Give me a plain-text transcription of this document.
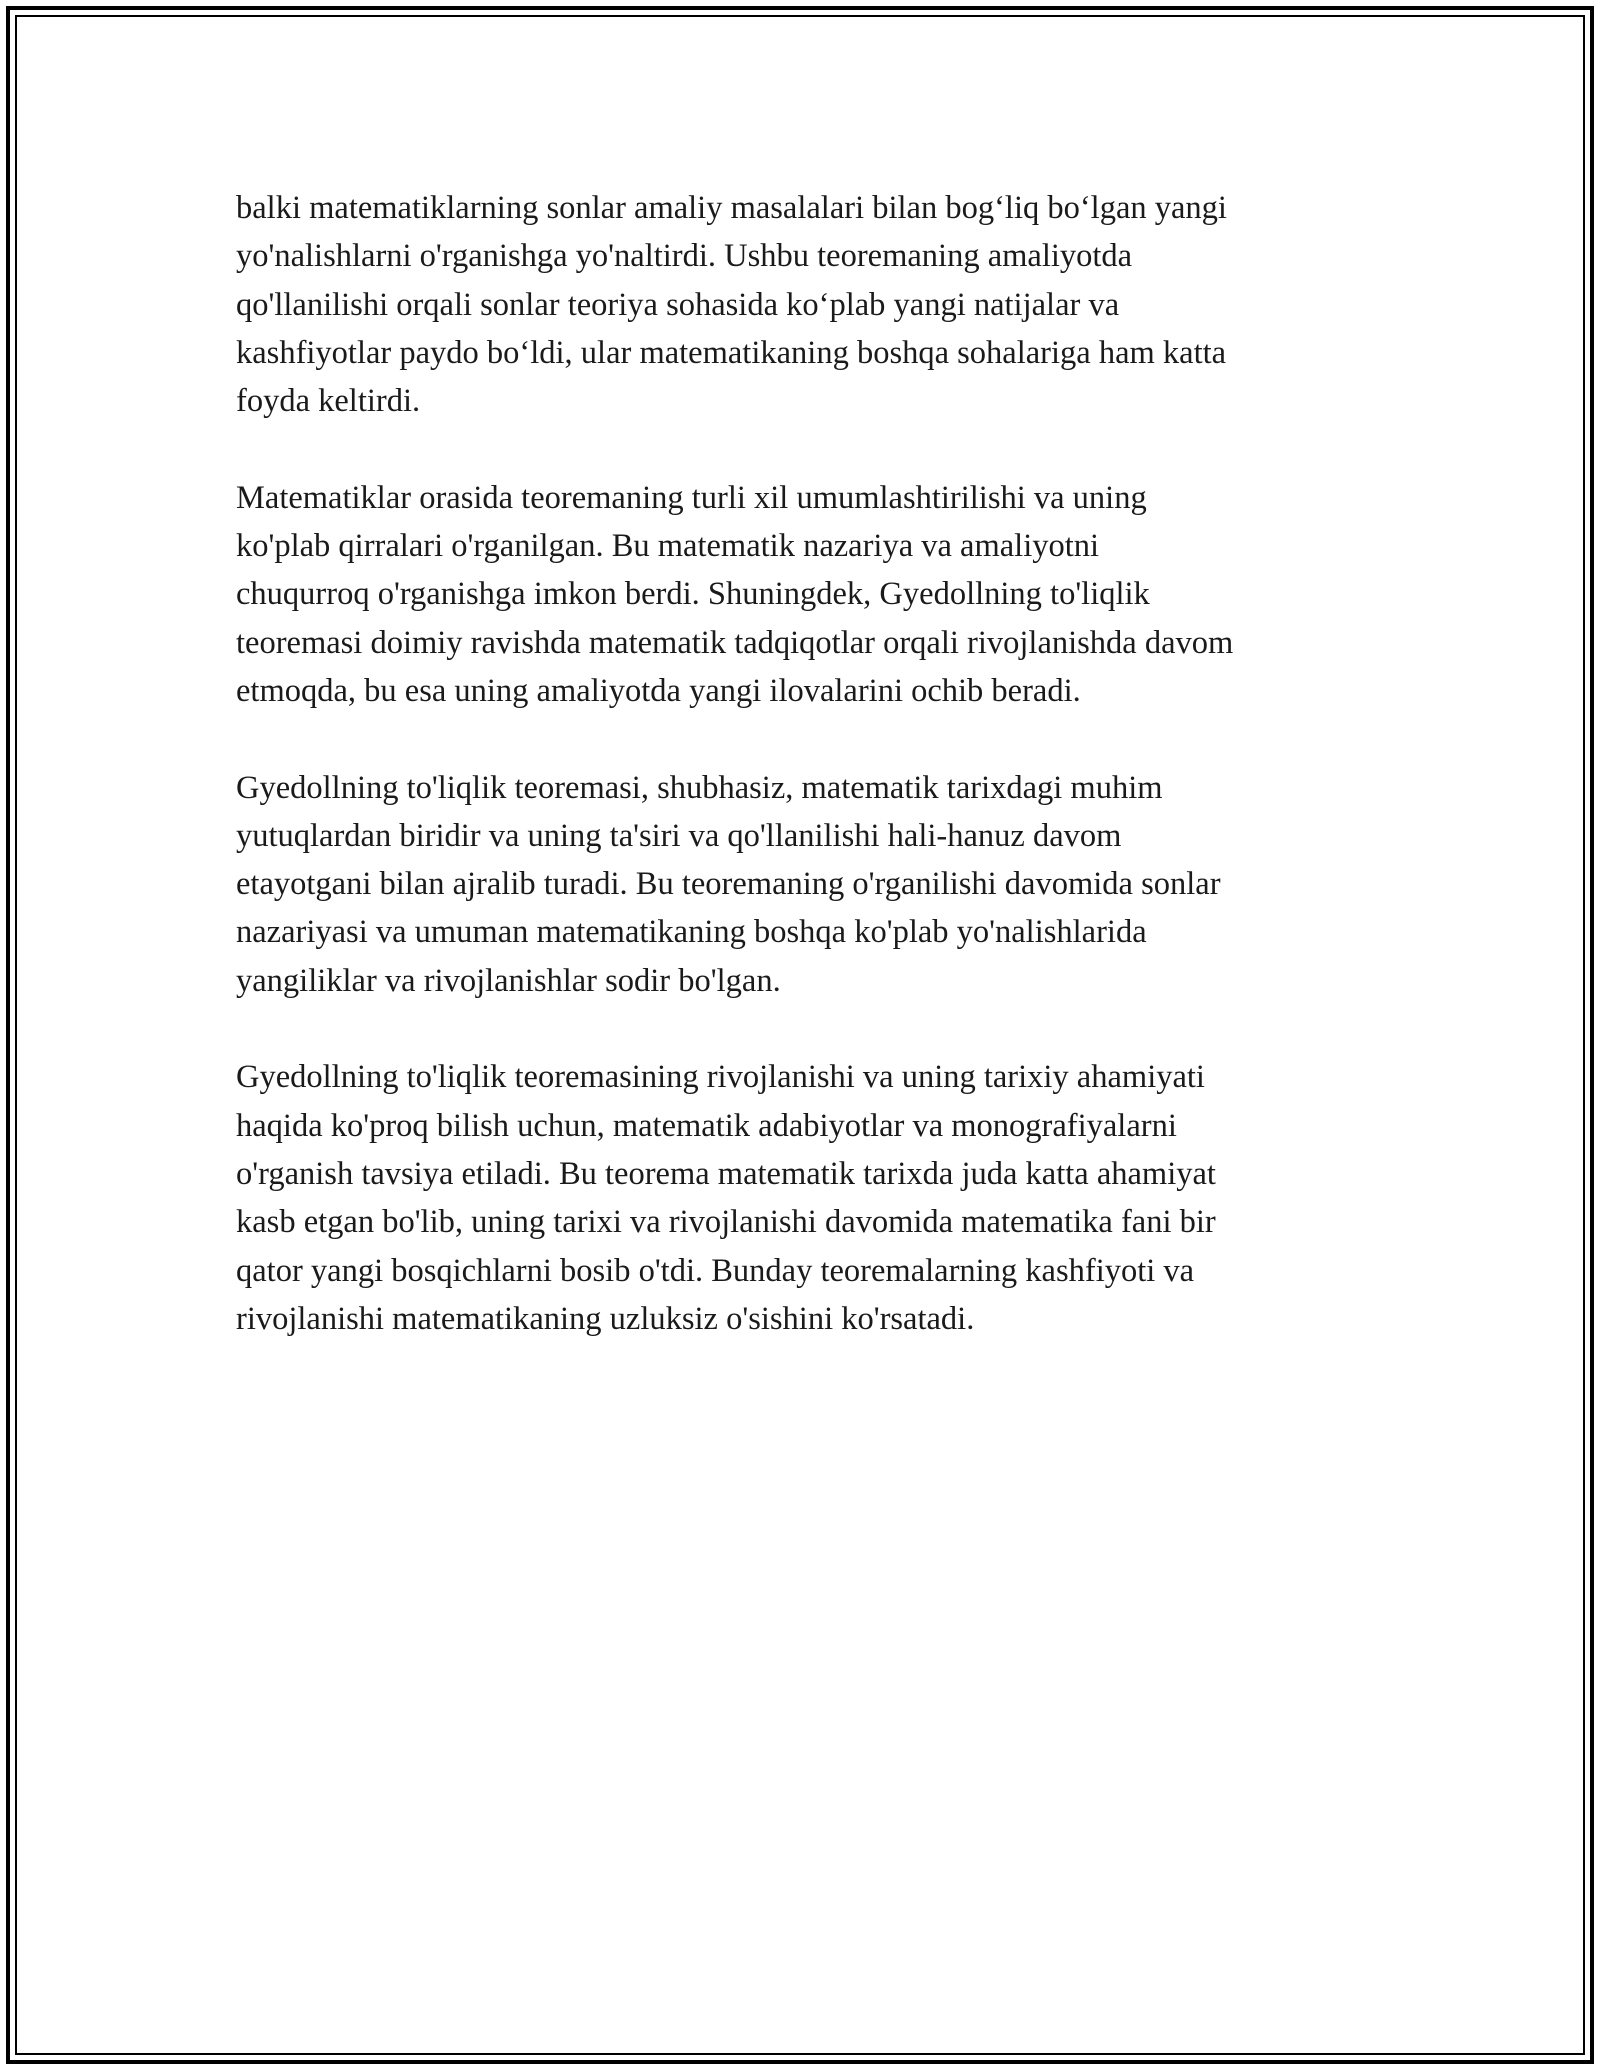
balki matematiklarning sonlar amaliy masalalari bilan bog‘liq bo‘lgan yangi
yo'nalishlarni o'rganishga yo'naltirdi. Ushbu teoremaning amaliyotda
qo'llanilishi orqali sonlar teoriya sohasida ko‘plab yangi natijalar va
kashfiyotlar paydo bo‘ldi, ular matematikaning boshqa sohalariga ham katta
foyda keltirdi.

Matematiklar orasida teoremaning turli xil umumlashtirilishi va uning
ko'plab qirralari o'rganilgan. Bu matematik nazariya va amaliyotni
chuqurroq o'rganishga imkon berdi. Shuningdek, Gyedollning to'liqlik
teoremasi doimiy ravishda matematik tadqiqotlar orqali rivojlanishda davom
etmoqda, bu esa uning amaliyotda yangi ilovalarini ochib beradi.

Gyedollning to'liqlik teoremasi, shubhasiz, matematik tarixdagi muhim
yutuqlardan biridir va uning ta'siri va qo'llanilishi hali-hanuz davom
etayotgani bilan ajralib turadi. Bu teoremaning o'rganilishi davomida sonlar
nazariyasi va umuman matematikaning boshqa ko'plab yo'nalishlarida
yangiliklar va rivojlanishlar sodir bo'lgan.

Gyedollning to'liqlik teoremasining rivojlanishi va uning tarixiy ahamiyati
haqida ko'proq bilish uchun, matematik adabiyotlar va monografiyalarni
o'rganish tavsiya etiladi. Bu teorema matematik tarixda juda katta ahamiyat
kasb etgan bo'lib, uning tarixi va rivojlanishi davomida matematika fani bir
qator yangi bosqichlarni bosib o'tdi. Bunday teoremalarning kashfiyoti va
rivojlanishi matematikaning uzluksiz o'sishini ko'rsatadi.
